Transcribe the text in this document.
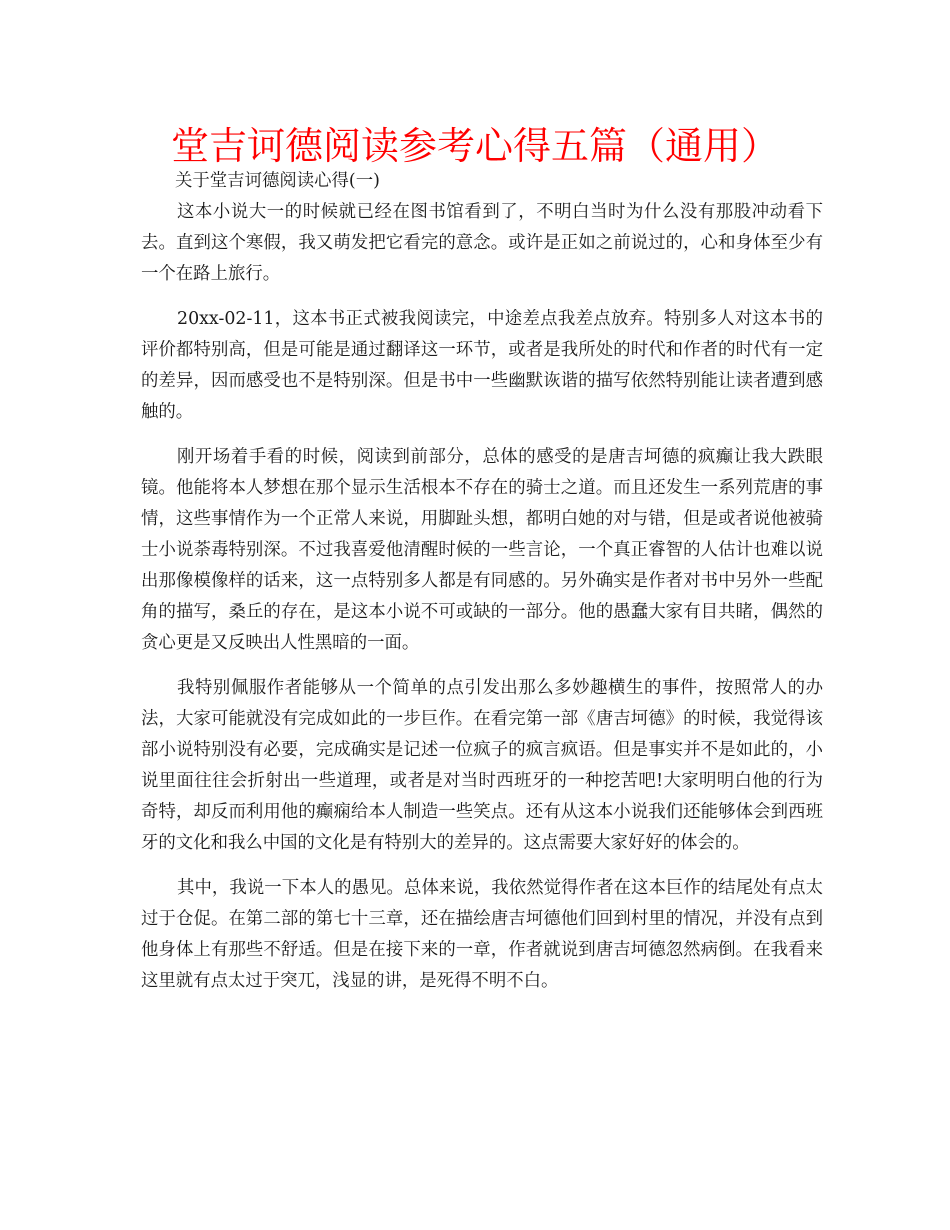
堂吉诃德阅读参考心得五篇（通用）

关于堂吉诃德阅读心得(一)

这本小说大一的时候就已经在图书馆看到了，不明白当时为什么没有那股冲动看下去。直到这个寒假，我又萌发把它看完的意念。或许是正如之前说过的，心和身体至少有一个在路上旅行。

20xx-02-11，这本书正式被我阅读完，中途差点我差点放弃。特别多人对这本书的评价都特别高，但是可能是通过翻译这一环节，或者是我所处的时代和作者的时代有一定的差异，因而感受也不是特别深。但是书中一些幽默诙谐的描写依然特别能让读者遭到感触的。

刚开场着手看的时候，阅读到前部分，总体的感受的是唐吉坷德的疯癫让我大跌眼镜。他能将本人梦想在那个显示生活根本不存在的骑士之道。而且还发生一系列荒唐的事情，这些事情作为一个正常人来说，用脚趾头想，都明白她的对与错，但是或者说他被骑士小说荼毒特别深。不过我喜爱他清醒时候的一些言论，一个真正睿智的人估计也难以说出那像模像样的话来，这一点特别多人都是有同感的。另外确实是作者对书中另外一些配角的描写，桑丘的存在，是这本小说不可或缺的一部分。他的愚蠢大家有目共睹，偶然的贪心更是又反映出人性黑暗的一面。

我特别佩服作者能够从一个简单的点引发出那么多妙趣横生的事件，按照常人的办法，大家可能就没有完成如此的一步巨作。在看完第一部《唐吉坷德》的时候，我觉得该部小说特别没有必要，完成确实是记述一位疯子的疯言疯语。但是事实并不是如此的，小说里面往往会折射出一些道理，或者是对当时西班牙的一种挖苦吧!大家明明白他的行为奇特，却反而利用他的癫痫给本人制造一些笑点。还有从这本小说我们还能够体会到西班牙的文化和我么中国的文化是有特别大的差异的。这点需要大家好好的体会的。

其中，我说一下本人的愚见。总体来说，我依然觉得作者在这本巨作的结尾处有点太过于仓促。在第二部的第七十三章，还在描绘唐吉坷德他们回到村里的情况，并没有点到他身体上有那些不舒适。但是在接下来的一章，作者就说到唐吉坷德忽然病倒。在我看来这里就有点太过于突兀，浅显的讲，是死得不明不白。
